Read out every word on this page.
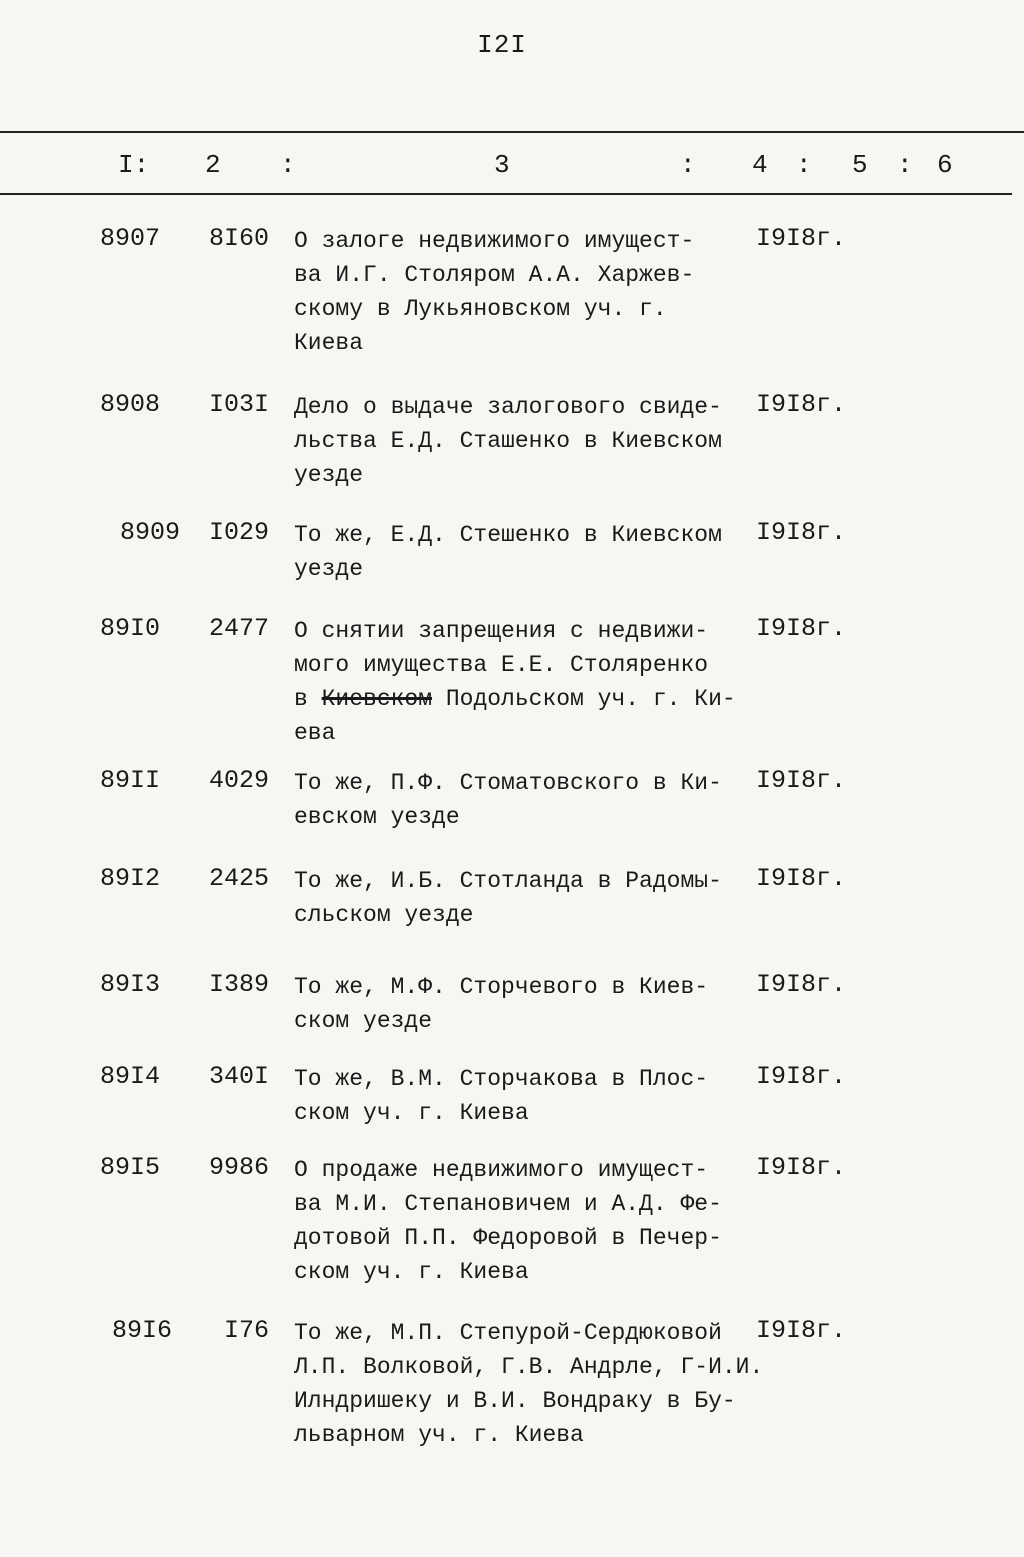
I2I
I: 2 :	3	: 4 : 5 : 6
8907	8I60 О залоге недвижимого имущест-
ва И.Г. Столяром А.А. Харжев-
скому в Лукьяновском уч. г.
Киева
I9I8г.
8908	I03I Дело о выдаче залогового свиде-
льства Е.Д. Сташенко в Киевском
уезде
I9I8г.
8909	I029 То же, Е.Д. Стешенко в Киевском
уезде
I9I8г.
89I0	2477 О снятии запрещения с недвижи-
мого имущества Е.Е. Столяренко
в Киевском Подольском уч. г. Ки-
ева
I9I8г.
89II	4029 То же, П.Ф. Стоматовского в Ки-
евском уезде
I9I8г.
89I2	2425 То же, И.Б. Стотланда в Радомы-
сльском уезде
I9I8г.
89I3	I389 То же, М.Ф. Сторчевого в Киев-
ском уезде
I9I8г.
89I4	340I То же, В.М. Сторчакова в Плос-
ском уч. г. Киева
I9I8г.
89I5	9986 О продаже недвижимого имущест-
ва М.И. Степановичем и А.Д. Фе-
дотовой П.П. Федоровой в Печер-
ском уч. г. Киева
I9I8г.
89I6	I76 То же, М.П. Степурой-Сердюковой
Л.П. Волковой, Г.В. Андрле, Г-И.И.
Илндришеку и В.И. Вондраку в Бу-
льварном уч. г. Киева
I9I8г.
